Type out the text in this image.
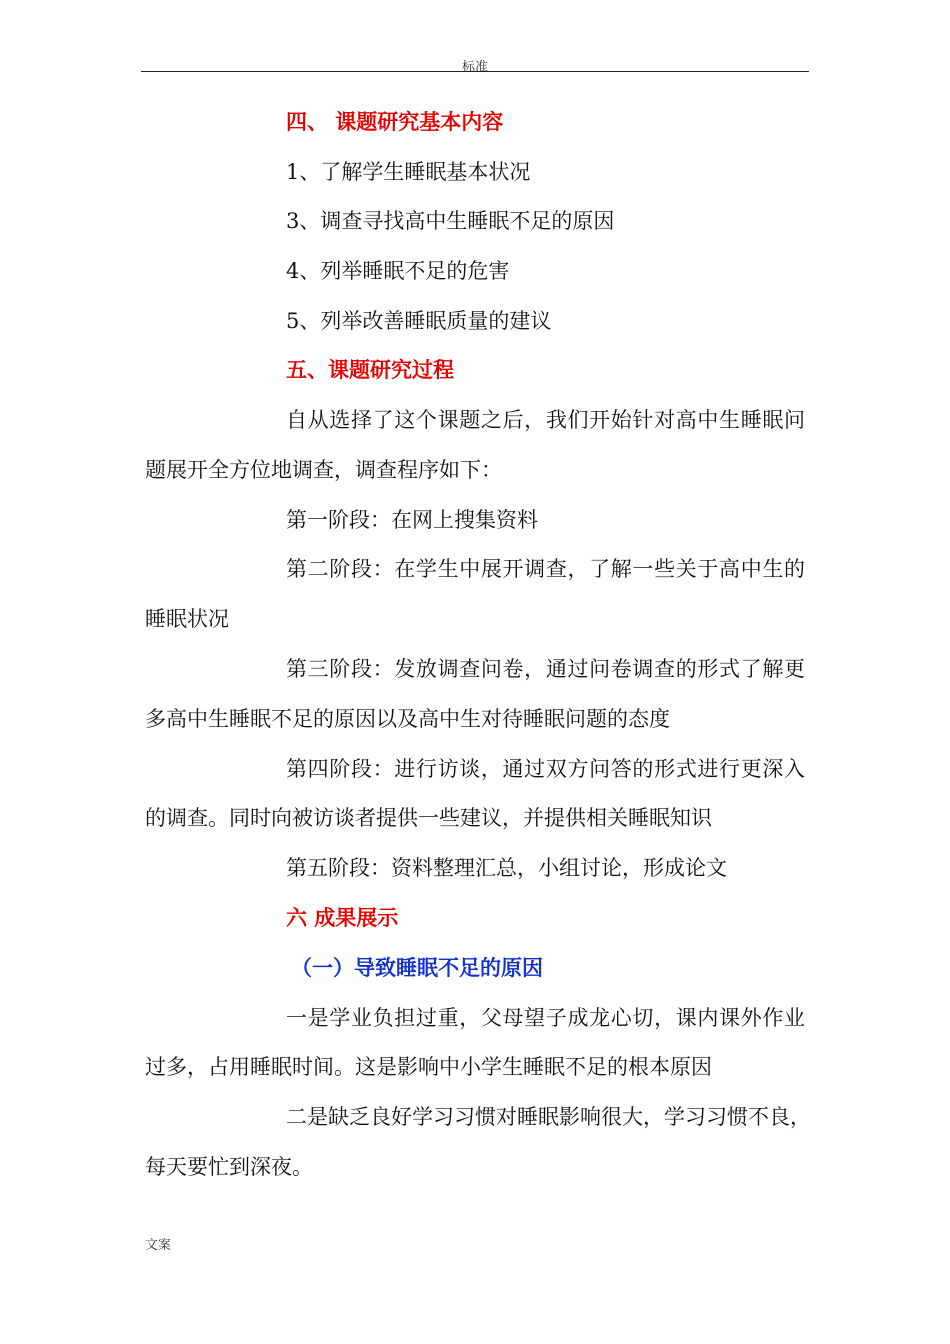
标准
四、 课题研究基本内容
1、了解学生睡眠基本状况
3、调查寻找高中生睡眠不足的原因
4、列举睡眠不足的危害
5、列举改善睡眠质量的建议
五、课题研究过程
自从选择了这个课题之后，我们开始针对高中生睡眠问
题展开全方位地调查，调查程序如下：
第一阶段：在网上搜集资料
第二阶段：在学生中展开调查，了解一些关于高中生的
睡眠状况
第三阶段：发放调查问卷，通过问卷调查的形式了解更
多高中生睡眠不足的原因以及高中生对待睡眠问题的态度
第四阶段：进行访谈，通过双方问答的形式进行更深入
的调查。同时向被访谈者提供一些建议，并提供相关睡眠知识
第五阶段：资料整理汇总，小组讨论，形成论文
六 成果展示
（一）导致睡眠不足的原因
一是学业负担过重，父母望子成龙心切，课内课外作业
过多，占用睡眠时间。这是影响中小学生睡眠不足的根本原因
二是缺乏良好学习习惯对睡眠影响很大，学习习惯不良，
每天要忙到深夜。
文案
